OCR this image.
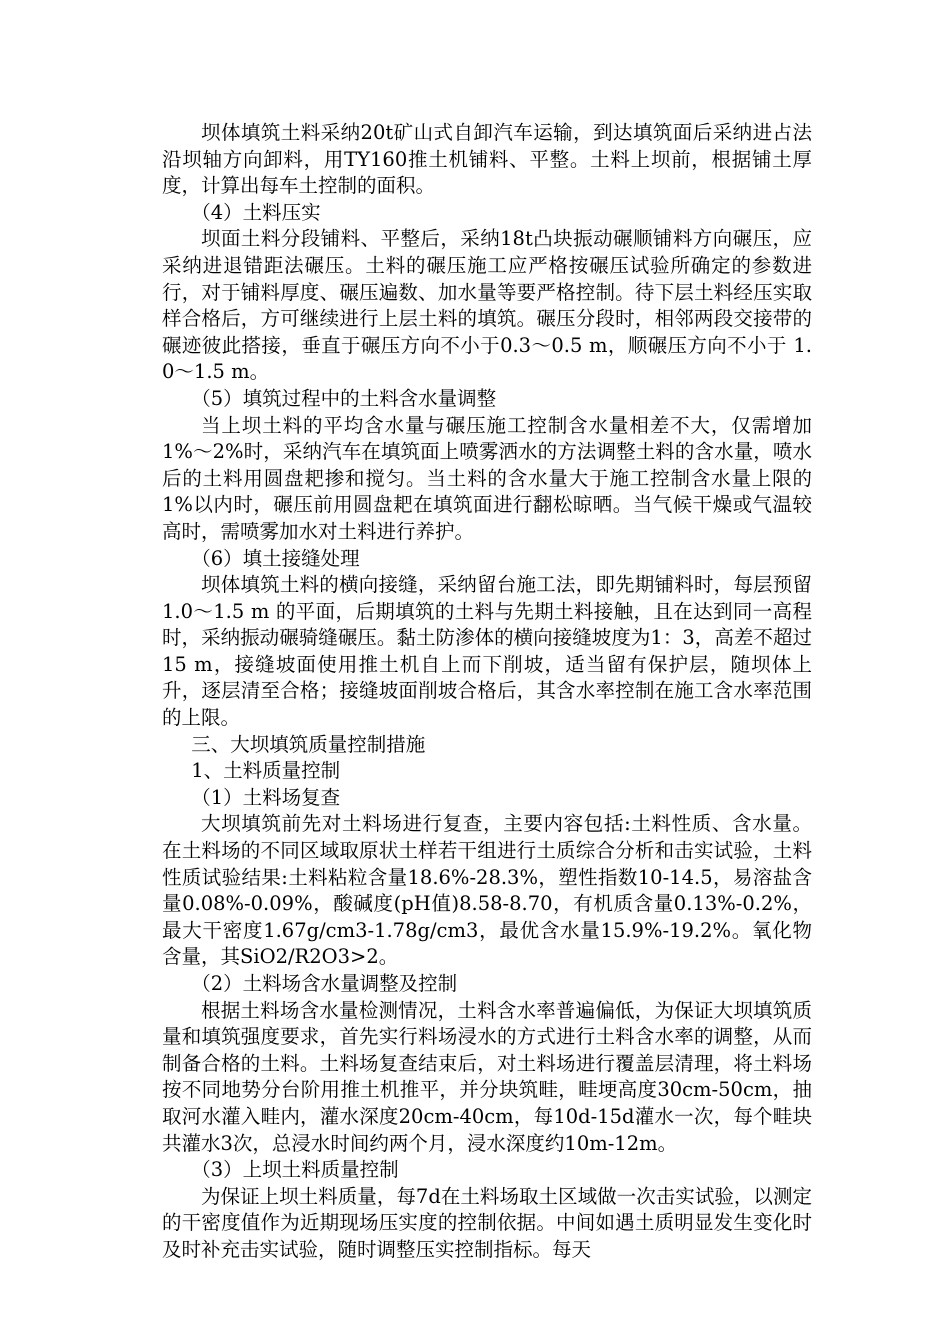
坝体填筑土料采纳20t矿山式自卸汽车运输，到达填筑面后采纳进占法沿坝轴方向卸料，用TY160推土机铺料、平整。土料上坝前，根据铺土厚度，计算出每车土控制的面积。

（4）土料压实

坝面土料分段铺料、平整后，采纳18t凸块振动碾顺铺料方向碾压，应采纳进退错距法碾压。土料的碾压施工应严格按碾压试验所确定的参数进行，对于铺料厚度、碾压遍数、加水量等要严格控制。待下层土料经压实取样合格后，方可继续进行上层土料的填筑。碾压分段时，相邻两段交接带的碾迹彼此搭接，垂直于碾压方向不小于0.3～0.5 m，顺碾压方向不小于 1.0～1.5 m。

（5）填筑过程中的土料含水量调整

当上坝土料的平均含水量与碾压施工控制含水量相差不大，仅需增加1%～2%时，采纳汽车在填筑面上喷雾洒水的方法调整土料的含水量，喷水后的土料用圆盘耙掺和搅匀。当土料的含水量大于施工控制含水量上限的1%以内时，碾压前用圆盘耙在填筑面进行翻松晾晒。当气候干燥或气温较高时，需喷雾加水对土料进行养护。

（6）填土接缝处理

坝体填筑土料的横向接缝，采纳留台施工法，即先期铺料时，每层预留1.0～1.5 m 的平面，后期填筑的土料与先期土料接触，且在达到同一高程时，采纳振动碾骑缝碾压。黏土防渗体的横向接缝坡度为1：3，高差不超过15 m，接缝坡面使用推土机自上而下削坡，适当留有保护层，随坝体上升，逐层清至合格；接缝坡面削坡合格后，其含水率控制在施工含水率范围的上限。

三、大坝填筑质量控制措施

1、土料质量控制

（1）土料场复查

大坝填筑前先对土料场进行复查，主要内容包括:土料性质、含水量。在土料场的不同区域取原状土样若干组进行土质综合分析和击实试验，土料性质试验结果:土料粘粒含量18.6%-28.3%，塑性指数10-14.5，易溶盐含量0.08%-0.09%，酸碱度(pH值)8.58-8.70，有机质含量0.13%-0.2%，最大干密度1.67g/cm3-1.78g/cm3，最优含水量15.9%-19.2%。氧化物含量，其SiO2/R2O3>2。

（2）土料场含水量调整及控制

根据土料场含水量检测情况，土料含水率普遍偏低，为保证大坝填筑质量和填筑强度要求，首先实行料场浸水的方式进行土料含水率的调整，从而制备合格的土料。土料场复查结束后，对土料场进行覆盖层清理，将土料场按不同地势分台阶用推土机推平，并分块筑畦，畦埂高度30cm-50cm，抽取河水灌入畦内，灌水深度20cm-40cm，每10d-15d灌水一次，每个畦块共灌水3次，总浸水时间约两个月，浸水深度约10m-12m。

（3）上坝土料质量控制

为保证上坝土料质量，每7d在土料场取土区域做一次击实试验，以测定的干密度值作为近期现场压实度的控制依据。中间如遇土质明显发生变化时及时补充击实试验，随时调整压实控制指标。每天
